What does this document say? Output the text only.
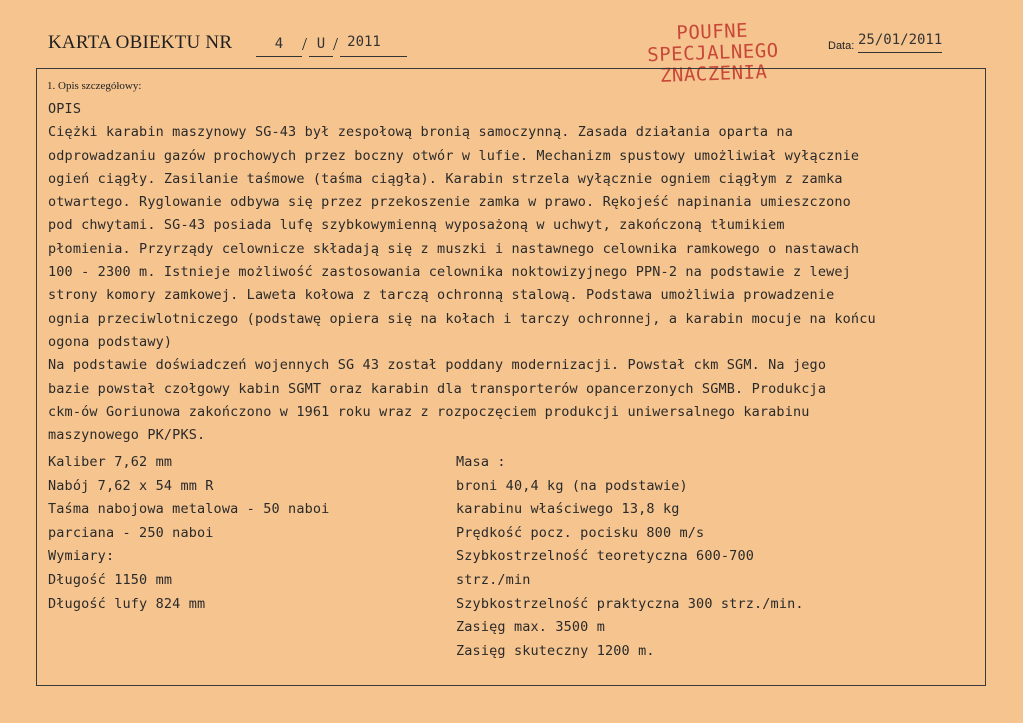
KARTA OBIEKTU NR	4	/ U / 2011	POUFNE
SPECJALNEGO
ZNACZENIA
Data: 25/01/2011
1. Opis szczegółowy:
OPIS
Ciężki karabin maszynowy SG-43 był zespołową bronią samoczynną. Zasada działania oparta na
odprowadzaniu gazów prochowych przez boczny otwór w lufie. Mechanizm spustowy umożliwiał wyłącznie
ogień ciągły. Zasilanie taśmowe (taśma ciągła). Karabin strzela wyłącznie ogniem ciągłym z zamka
otwartego. Ryglowanie odbywa się przez przekoszenie zamka w prawo. Rękojeść napinania umieszczono
pod chwytami. SG-43 posiada lufę szybkowymienną wyposażoną w uchwyt, zakończoną tłumikiem
płomienia. Przyrządy celownicze składają się z muszki i nastawnego celownika ramkowego o nastawach
100 - 2300 m. Istnieje możliwość zastosowania celownika noktowizyjnego PPN-2 na podstawie z lewej
strony komory zamkowej. Laweta kołowa z tarczą ochronną stalową. Podstawa umożliwia prowadzenie
ognia przeciwlotniczego (podstawę opiera się na kołach i tarczy ochronnej, a karabin mocuje na końcu
ogona podstawy)
Na podstawie doświadczeń wojennych SG 43 został poddany modernizacji. Powstał ckm SGM. Na jego
bazie powstał czołgowy kabin SGMT oraz karabin dla transporterów opancerzonych SGMB. Produkcja
ckm-ów Goriunowa zakończono w 1961 roku wraz z rozpoczęciem produkcji uniwersalnego karabinu
maszynowego PK/PKS.
Kaliber 7,62 mm
Nabój 7,62 x 54 mm R
Taśma nabojowa metalowa - 50 naboi
parciana - 250 naboi
Wymiary:
Długość 1150 mm
Długość lufy 824 mm
Masa :
broni 40,4 kg (na podstawie)
karabinu właściwego 13,8 kg
Prędkość pocz. pocisku 800 m/s
Szybkostrzelność teoretyczna 600-700
strz./min
Szybkostrzelność praktyczna 300 strz./min.
Zasięg max. 3500 m
Zasięg skuteczny 1200 m.
